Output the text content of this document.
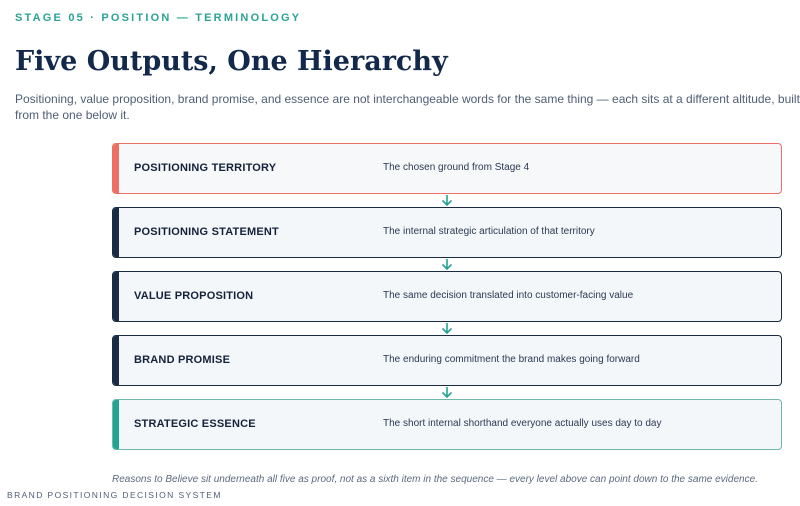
STAGE 05 · POSITION — TERMINOLOGY
Five Outputs, One Hierarchy

Positioning, value proposition, brand promise, and essence are not interchangeable words for the same thing — each sits at a different altitude, built from the one below it.

POSITIONING TERRITORY	The chosen ground from Stage 4
POSITIONING STATEMENT	The internal strategic articulation of that territory
VALUE PROPOSITION	The same decision translated into customer-facing value
BRAND PROMISE	The enduring commitment the brand makes going forward
STRATEGIC ESSENCE	The short internal shorthand everyone actually uses day to day

Reasons to Believe sit underneath all five as proof, not as a sixth item in the sequence — every level above can point down to the same evidence.

BRAND POSITIONING DECISION SYSTEM
